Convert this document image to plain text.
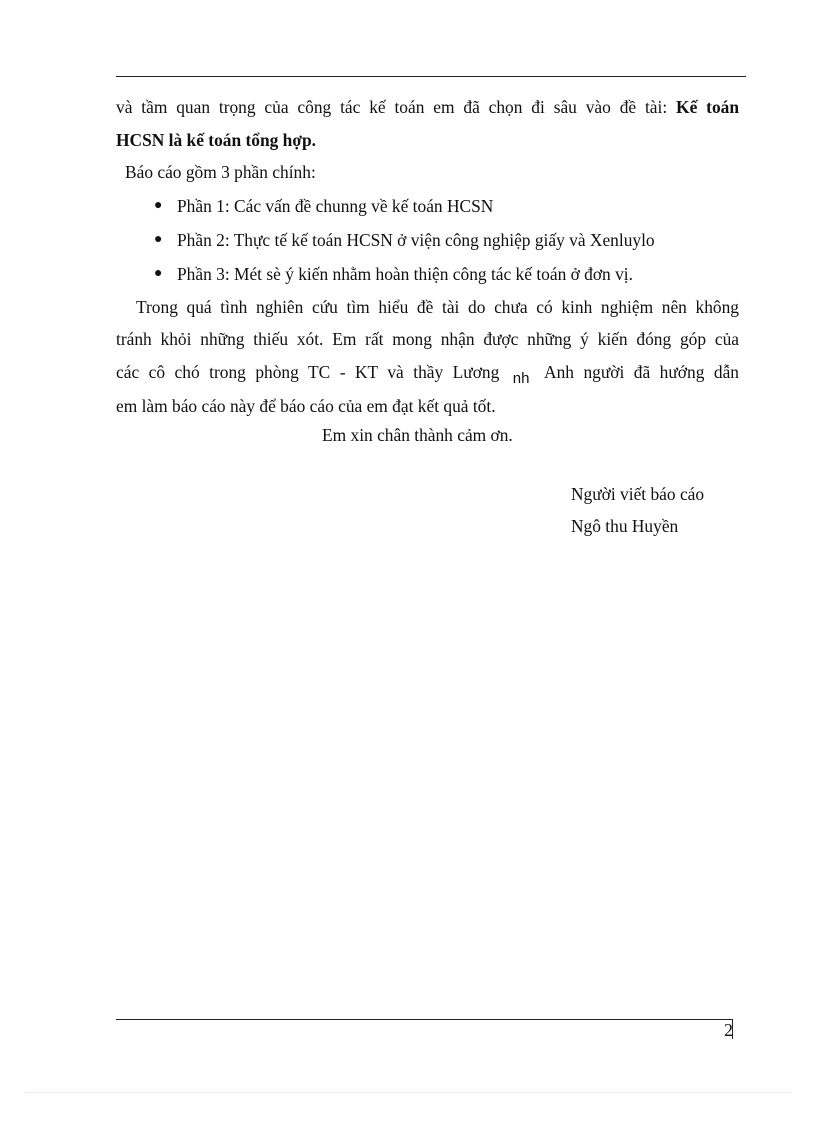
và tầm quan trọng của công tác kế toán em đã chọn đi sâu vào đề tài: Kế toán
HCSN là kế toán tổng hợp.
Báo cáo gồm 3 phần chính:
● Phần 1: Các vấn đề chunng về kế toán HCSN
● Phần 2: Thực tế kế toán HCSN ở viện công nghiệp giấy và Xenluylo
● Phần 3: Mét sè ý kiến nhằm hoàn thiện công tác kế toán ở đơn vị.
Trong quá tình nghiên cứu tìm hiểu đề tài do chưa có kinh nghiệm nên không
tránh khỏi những thiếu xót. Em rất mong nhận được những ý kiến đóng góp của
các cô chó trong phòng TC - KT và thầy Lương nh Anh người đã hướng dẫn
em làm báo cáo này để báo cáo của em đạt kết quả tốt.
Em xin chân thành cảm ơn.
Người viết báo cáo
Ngô thu Huyền
2
